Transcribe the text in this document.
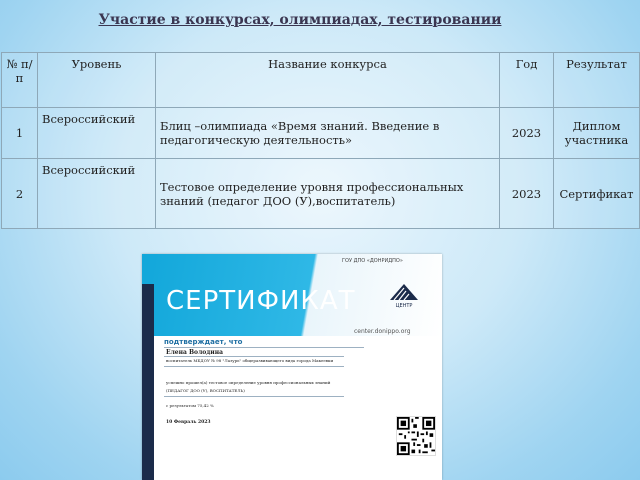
Участие в конкурсах, олимпиадах, тестировании
№ п/п	Уровень	Название конкурса	Год	Результат
1	Всероссийский	Блиц –олимпиада «Время знаний. Введение в педагогическую деятельность»	2023	Диплом участника
2	Всероссийский	Тестовое определение уровня профессиональных знаний (педагог ДОО (У),воспитатель)	2023	Сертификат
СЕРТИФИКАТ
ГОУ ДПО «ДОНРИДПО»
ЦЕНТР
center.donippo.org
подтверждает, что
Елена Володина
воспитатель МБДОУ № 98 "Лазурь" общеразвивающего вида города Макеевки
успешно прошел(а) тестовое определение уровня профессиональных знаний
(ПЕДАГОГ ДОО (У), ВОСПИТАТЕЛЬ)
с результатом 75,42 %
10 Февраль 2023
